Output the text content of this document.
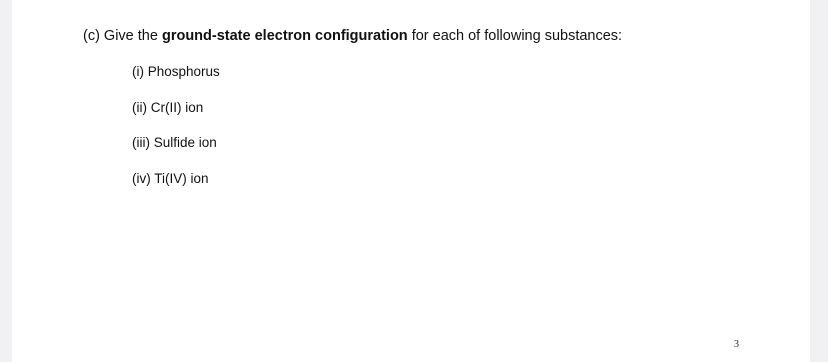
(c) Give the ground-state electron configuration for each of following substances:

(i) Phosphorus
(ii) Cr(II) ion
(iii) Sulfide ion
(iv) Ti(IV) ion
3
